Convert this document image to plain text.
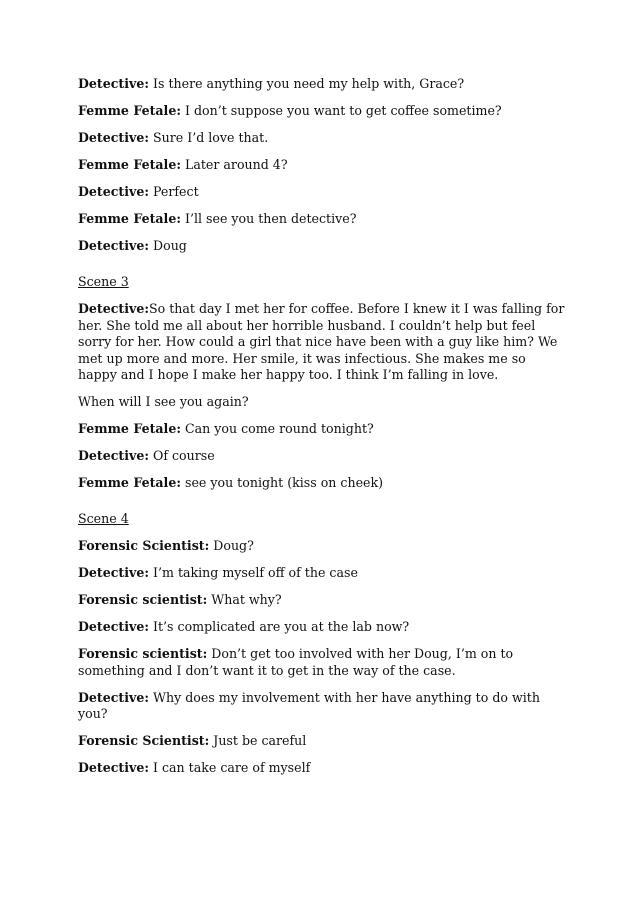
Detective: Is there anything you need my help with, Grace?

Femme Fetale: I don’t suppose you want to get coffee sometime?

Detective: Sure I’d love that.

Femme Fetale: Later around 4?

Detective: Perfect

Femme Fetale: I’ll see you then detective?

Detective: Doug

Scene 3

Detective:So that day I met her for coffee. Before I knew it I was falling for her. She told me all about her horrible husband. I couldn’t help but feel sorry for her. How could a girl that nice have been with a guy like him? We met up more and more. Her smile, it was infectious. She makes me so happy and I hope I make her happy too. I think I’m falling in love.

When will I see you again?

Femme Fetale: Can you come round tonight?

Detective: Of course

Femme Fetale: see you tonight (kiss on cheek)

Scene 4

Forensic Scientist: Doug?

Detective: I’m taking myself off of the case

Forensic scientist: What why?

Detective: It’s complicated are you at the lab now?

Forensic scientist: Don’t get too involved with her Doug, I’m on to something and I don’t want it to get in the way of the case.

Detective: Why does my involvement with her have anything to do with you?

Forensic Scientist: Just be careful

Detective: I can take care of myself
